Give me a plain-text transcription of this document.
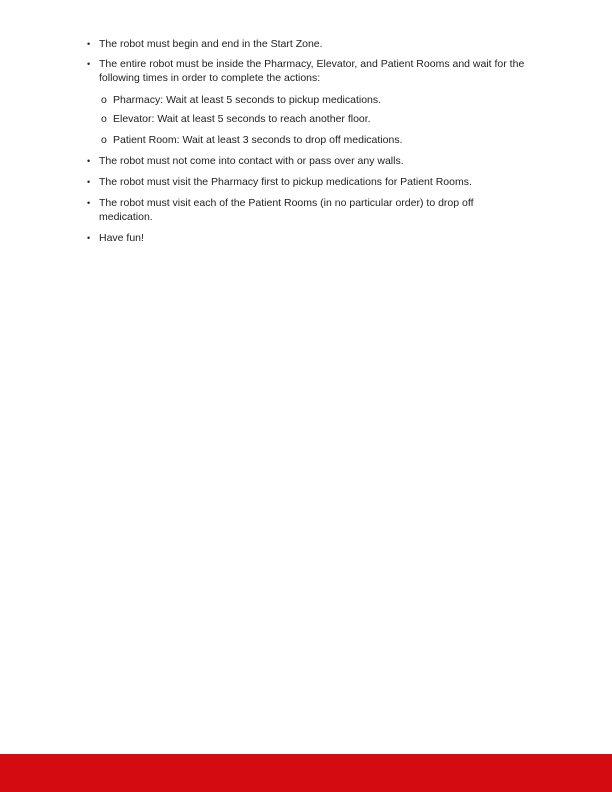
• The robot must begin and end in the Start Zone.
• The entire robot must be inside the Pharmacy, Elevator, and Patient Rooms and wait for the following times in order to complete the actions:
o Pharmacy: Wait at least 5 seconds to pickup medications.
o Elevator: Wait at least 5 seconds to reach another floor.
o Patient Room: Wait at least 3 seconds to drop off medications.
• The robot must not come into contact with or pass over any walls.
• The robot must visit the Pharmacy first to pickup medications for Patient Rooms.
• The robot must visit each of the Patient Rooms (in no particular order) to drop off medication.
• Have fun!
